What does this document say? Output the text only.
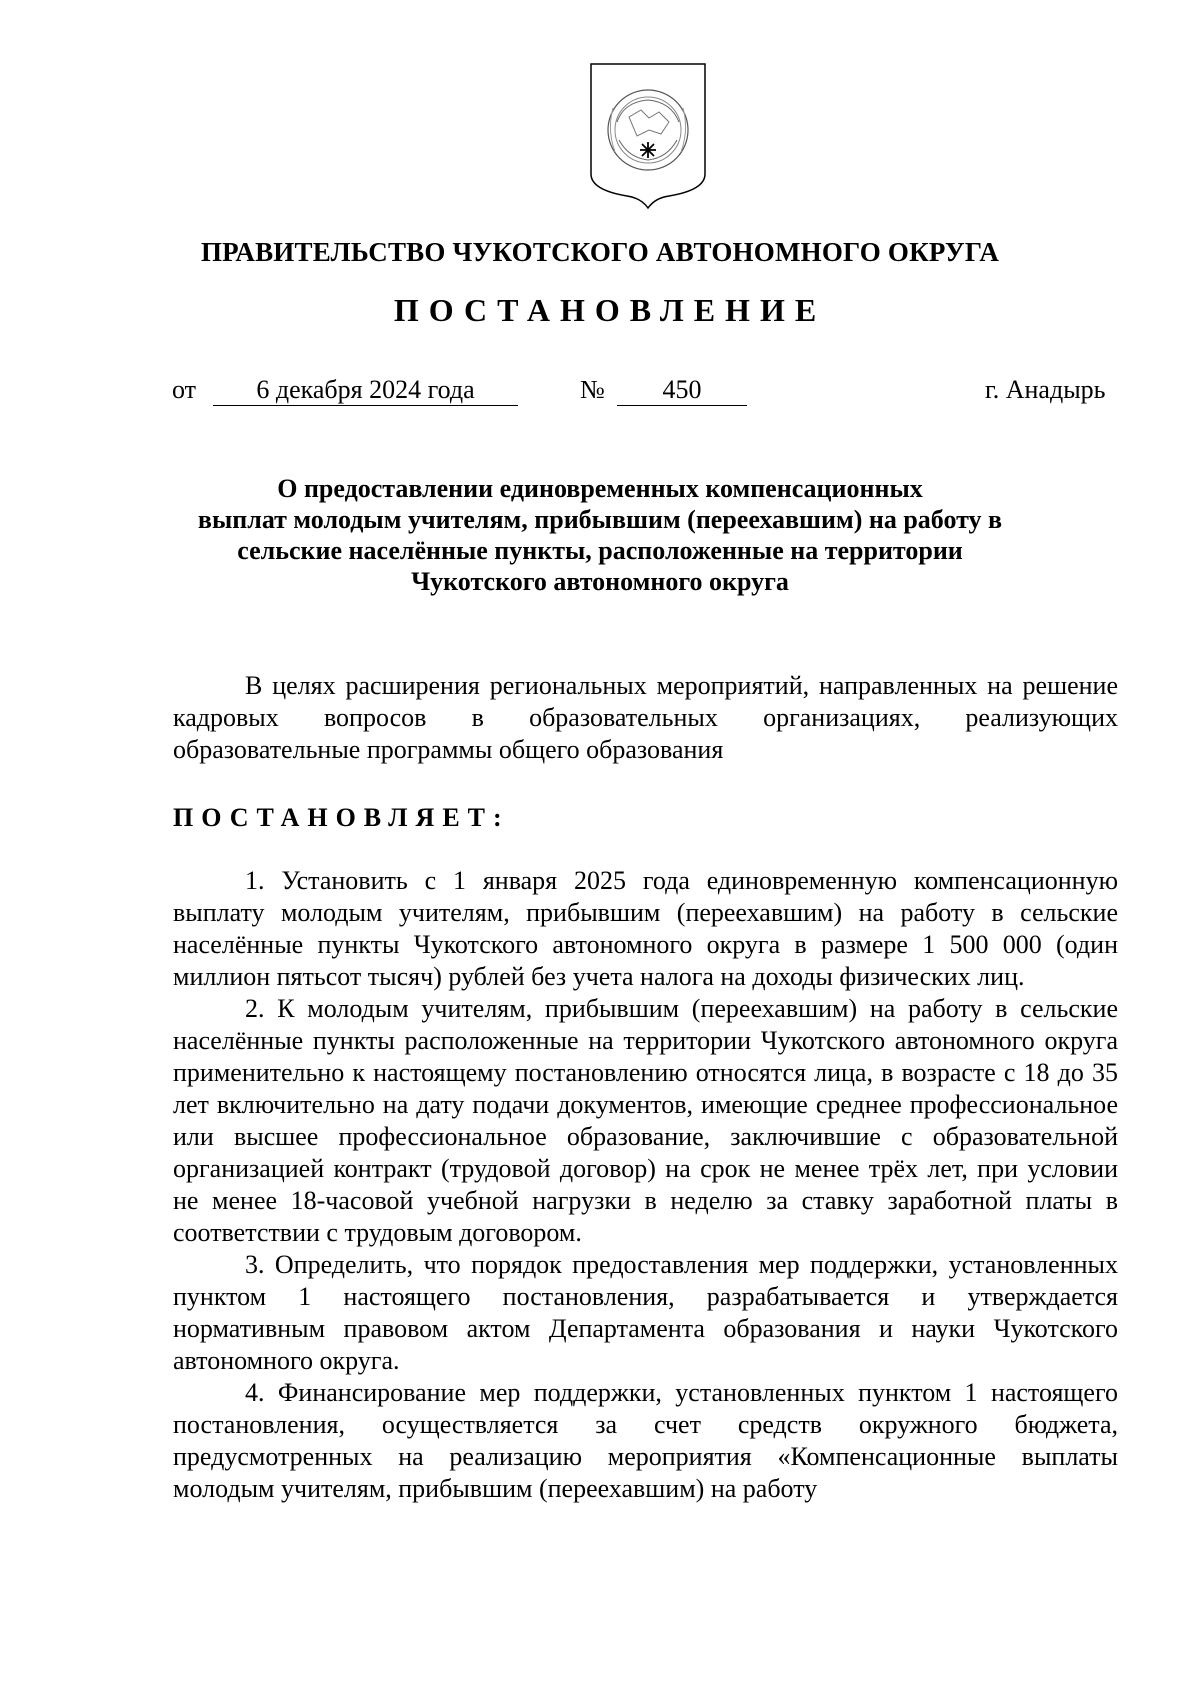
ПРАВИТЕЛЬСТВО ЧУКОТСКОГО АВТОНОМНОГО ОКРУГА
ПОСТАНОВЛЕНИЕ
от	6 декабря 2024 года	№	450	г. Анадырь
О предоставлении единовременных компенсационных
выплат молодым учителям, прибывшим (переехавшим) на работу в
сельские населённые пункты, расположенные на территории
Чукотского автономного округа

В целях расширения региональных мероприятий, направленных на решение кадровых вопросов в образовательных организациях, реализующих образовательные программы общего образования

ПОСТАНОВЛЯЕТ:

1. Установить с 1 января 2025 года единовременную компенсационную выплату молодым учителям, прибывшим (переехавшим) на работу в сельские населённые пункты Чукотского автономного округа в размере 1 500 000 (один миллион пятьсот тысяч) рублей без учета налога на доходы физических лиц.

2. К молодым учителям, прибывшим (переехавшим) на работу в сельские населённые пункты расположенные на территории Чукотского автономного округа применительно к настоящему постановлению относятся лица, в возрасте с 18 до 35 лет включительно на дату подачи документов, имеющие среднее профессиональное или высшее профессиональное образование, заключившие с образовательной организацией контракт (трудовой договор) на срок не менее трёх лет, при условии не менее 18-часовой учебной нагрузки в неделю за ставку заработной платы в соответствии с трудовым договором.

3. Определить, что порядок предоставления мер поддержки, установленных пунктом 1 настоящего постановления, разрабатывается и утверждается нормативным правовом актом Департамента образования и науки Чукотского автономного округа.

4. Финансирование мер поддержки, установленных пунктом 1 настоящего постановления, осуществляется за счет средств окружного бюджета, предусмотренных на реализацию мероприятия «Компенсационные выплаты молодым учителям, прибывшим (переехавшим) на работу
